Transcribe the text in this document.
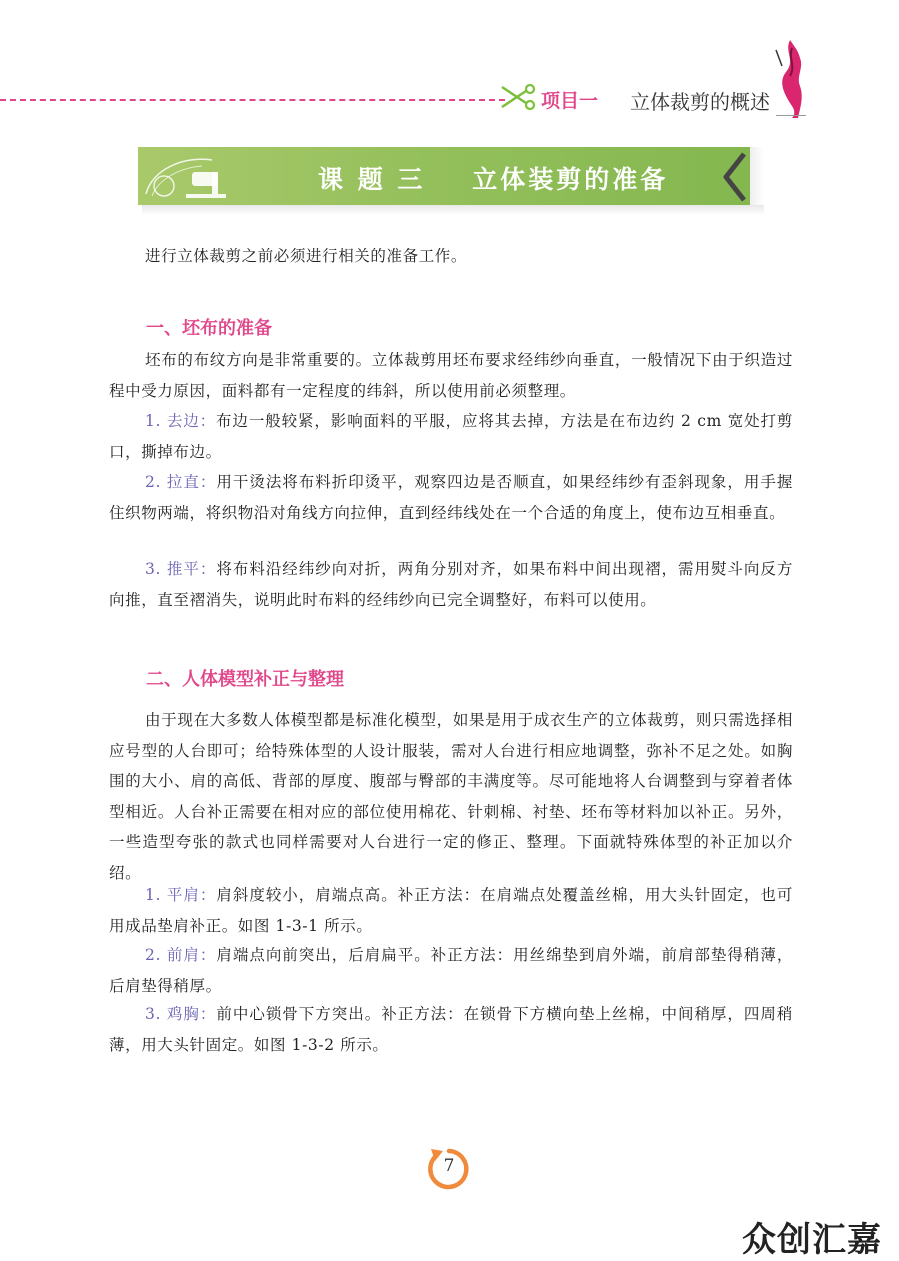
项目一 立体裁剪的概述
课 题 三    立体装剪的准备
进行立体裁剪之前必须进行相关的准备工作。
一、坯布的准备
坯布的布纹方向是非常重要的。立体裁剪用坯布要求经纬纱向垂直，一般情况下由于织造过程中受力原因，面料都有一定程度的纬斜，所以使用前必须整理。
1. 去边：布边一般较紧，影响面料的平服，应将其去掉，方法是在布边约 2 cm 宽处打剪口，撕掉布边。
2. 拉直：用干烫法将布料折印烫平，观察四边是否顺直，如果经纬纱有歪斜现象，用手握住织物两端，将织物沿对角线方向拉伸，直到经纬线处在一个合适的角度上，使布边互相垂直。
3. 推平：将布料沿经纬纱向对折，两角分别对齐，如果布料中间出现褶，需用熨斗向反方向推，直至褶消失，说明此时布料的经纬纱向已完全调整好，布料可以使用。
二、人体模型补正与整理
由于现在大多数人体模型都是标准化模型，如果是用于成衣生产的立体裁剪，则只需选择相应号型的人台即可；给特殊体型的人设计服装，需对人台进行相应地调整，弥补不足之处。如胸围的大小、肩的高低、背部的厚度、腹部与臀部的丰满度等。尽可能地将人台调整到与穿着者体型相近。人台补正需要在相对应的部位使用棉花、针刺棉、衬垫、坯布等材料加以补正。另外，一些造型夸张的款式也同样需要对人台进行一定的修正、整理。下面就特殊体型的补正加以介绍。
1. 平肩：肩斜度较小，肩端点高。补正方法：在肩端点处覆盖丝棉，用大头针固定，也可用成品垫肩补正。如图 1-3-1 所示。
2. 前肩：肩端点向前突出，后肩扁平。补正方法：用丝绵垫到肩外端，前肩部垫得稍薄，后肩垫得稍厚。
3. 鸡胸：前中心锁骨下方突出。补正方法：在锁骨下方横向垫上丝棉，中间稍厚，四周稍薄，用大头针固定。如图 1-3-2 所示。
7
众创汇嘉
